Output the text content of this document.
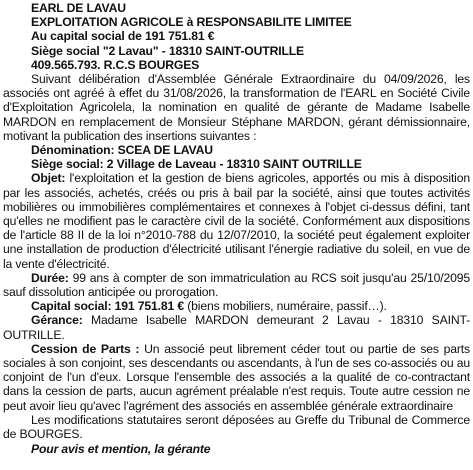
EARL DE LAVAU
EXPLOITATION AGRICOLE à RESPONSABILITE LIMITEE
Au capital social de 191 751.81 €
Siège social "2 Lavau" - 18310 SAINT-OUTRILLE
409.565.793. R.C.S BOURGES

Suivant délibération d'Assemblée Générale Extraordinaire du 04/09/2026, les associés ont agréé à effet du 31/08/2026, la transformation de l'EARL en Société Civile d'Exploitation Agricolela, la nomination en qualité de gérante de Madame Isabelle MARDON en remplacement de Monsieur Stéphane MARDON, gérant démissionnaire, motivant la publication des insertions suivantes :

Dénomination: SCEA DE LAVAU
Siège social: 2 Village de Laveau - 18310 SAINT OUTRILLE

Objet: l'exploitation et la gestion de biens agricoles, apportés ou mis à disposition par les associés, achetés, créés ou pris à bail par la société, ainsi que toutes activités mobilières ou immobilières complémentaires et connexes à l'objet ci-dessus défini, tant qu'elles ne modifient pas le caractère civil de la société. Conformément aux dispositions de l'article 88 II de la loi n°2010-788 du 12/07/2010, la société peut également exploiter une installation de production d'électricité utilisant l'énergie radiative du soleil, en vue de la vente d'électricité.

Durée: 99 ans à compter de son immatriculation au RCS soit jusqu'au 25/10/2095 sauf dissolution anticipée ou prorogation.

Capital social: 191 751.81 € (biens mobiliers, numéraire, passif…).

Gérance: Madame Isabelle MARDON demeurant 2 Lavau - 18310 SAINT-OUTRILLE.

Cession de Parts : Un associé peut librement céder tout ou partie de ses parts sociales à son conjoint, ses descendants ou ascendants, à l'un de ses co-associés ou au conjoint de l'un d'eux. Lorsque l'ensemble des associés a la qualité de co-contractant dans la cession de parts, aucun agrément préalable n'est requis. Toute autre cession ne peut avoir lieu qu'avec l'agrément des associés en assemblée générale extraordinaire

Les modifications statutaires seront déposées au Greffe du Tribunal de Commerce de BOURGES.

Pour avis et mention, la gérante
